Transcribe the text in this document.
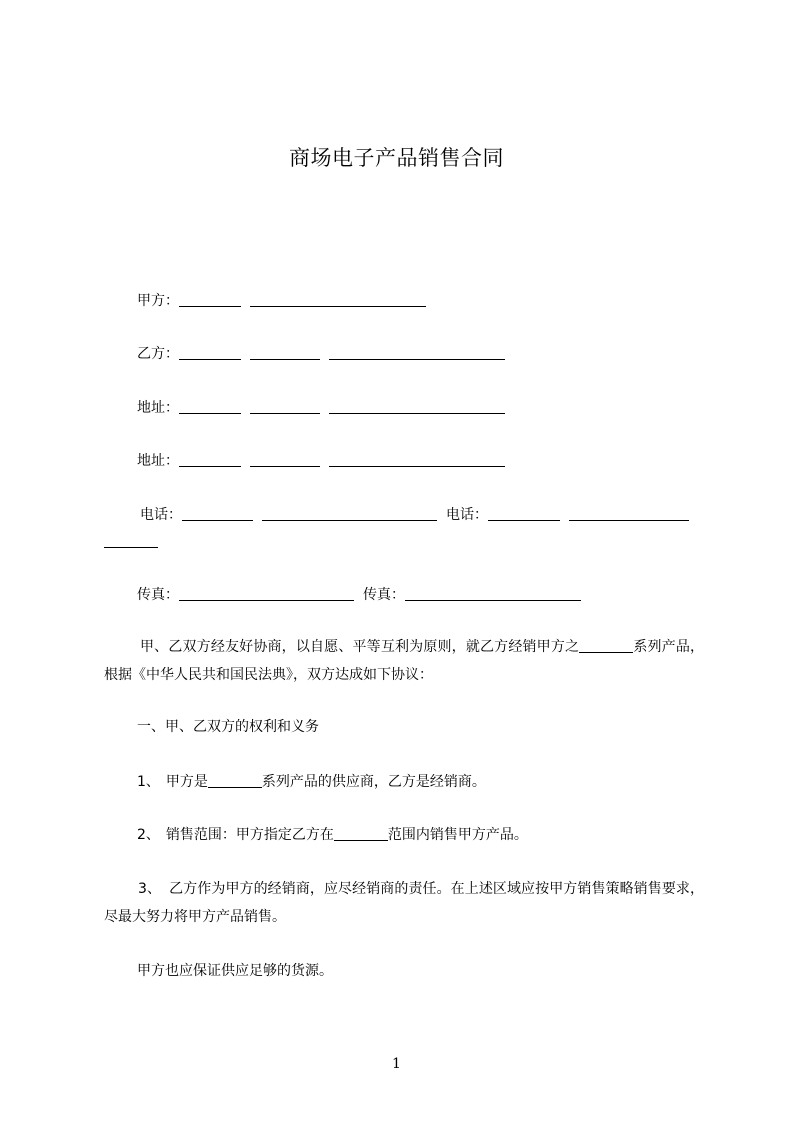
商场电子产品销售合同
甲方：
乙方：
地址：
地址：
电话：	电话：
传真：	传真：
甲、乙双方经友好协商，以自愿、平等互利为原则，就乙方经销甲方之	系列产品，根据《中华人民共和国民法典》，双方达成如下协议：
一、甲、乙双方的权利和义务
1、 甲方是	系列产品的供应商，乙方是经销商。
2、 销售范围：甲方指定乙方在	范围内销售甲方产品。
3、 乙方作为甲方的经销商，应尽经销商的责任。在上述区域应按甲方销售策略销售要求，尽最大努力将甲方产品销售。
甲方也应保证供应足够的货源。
1
